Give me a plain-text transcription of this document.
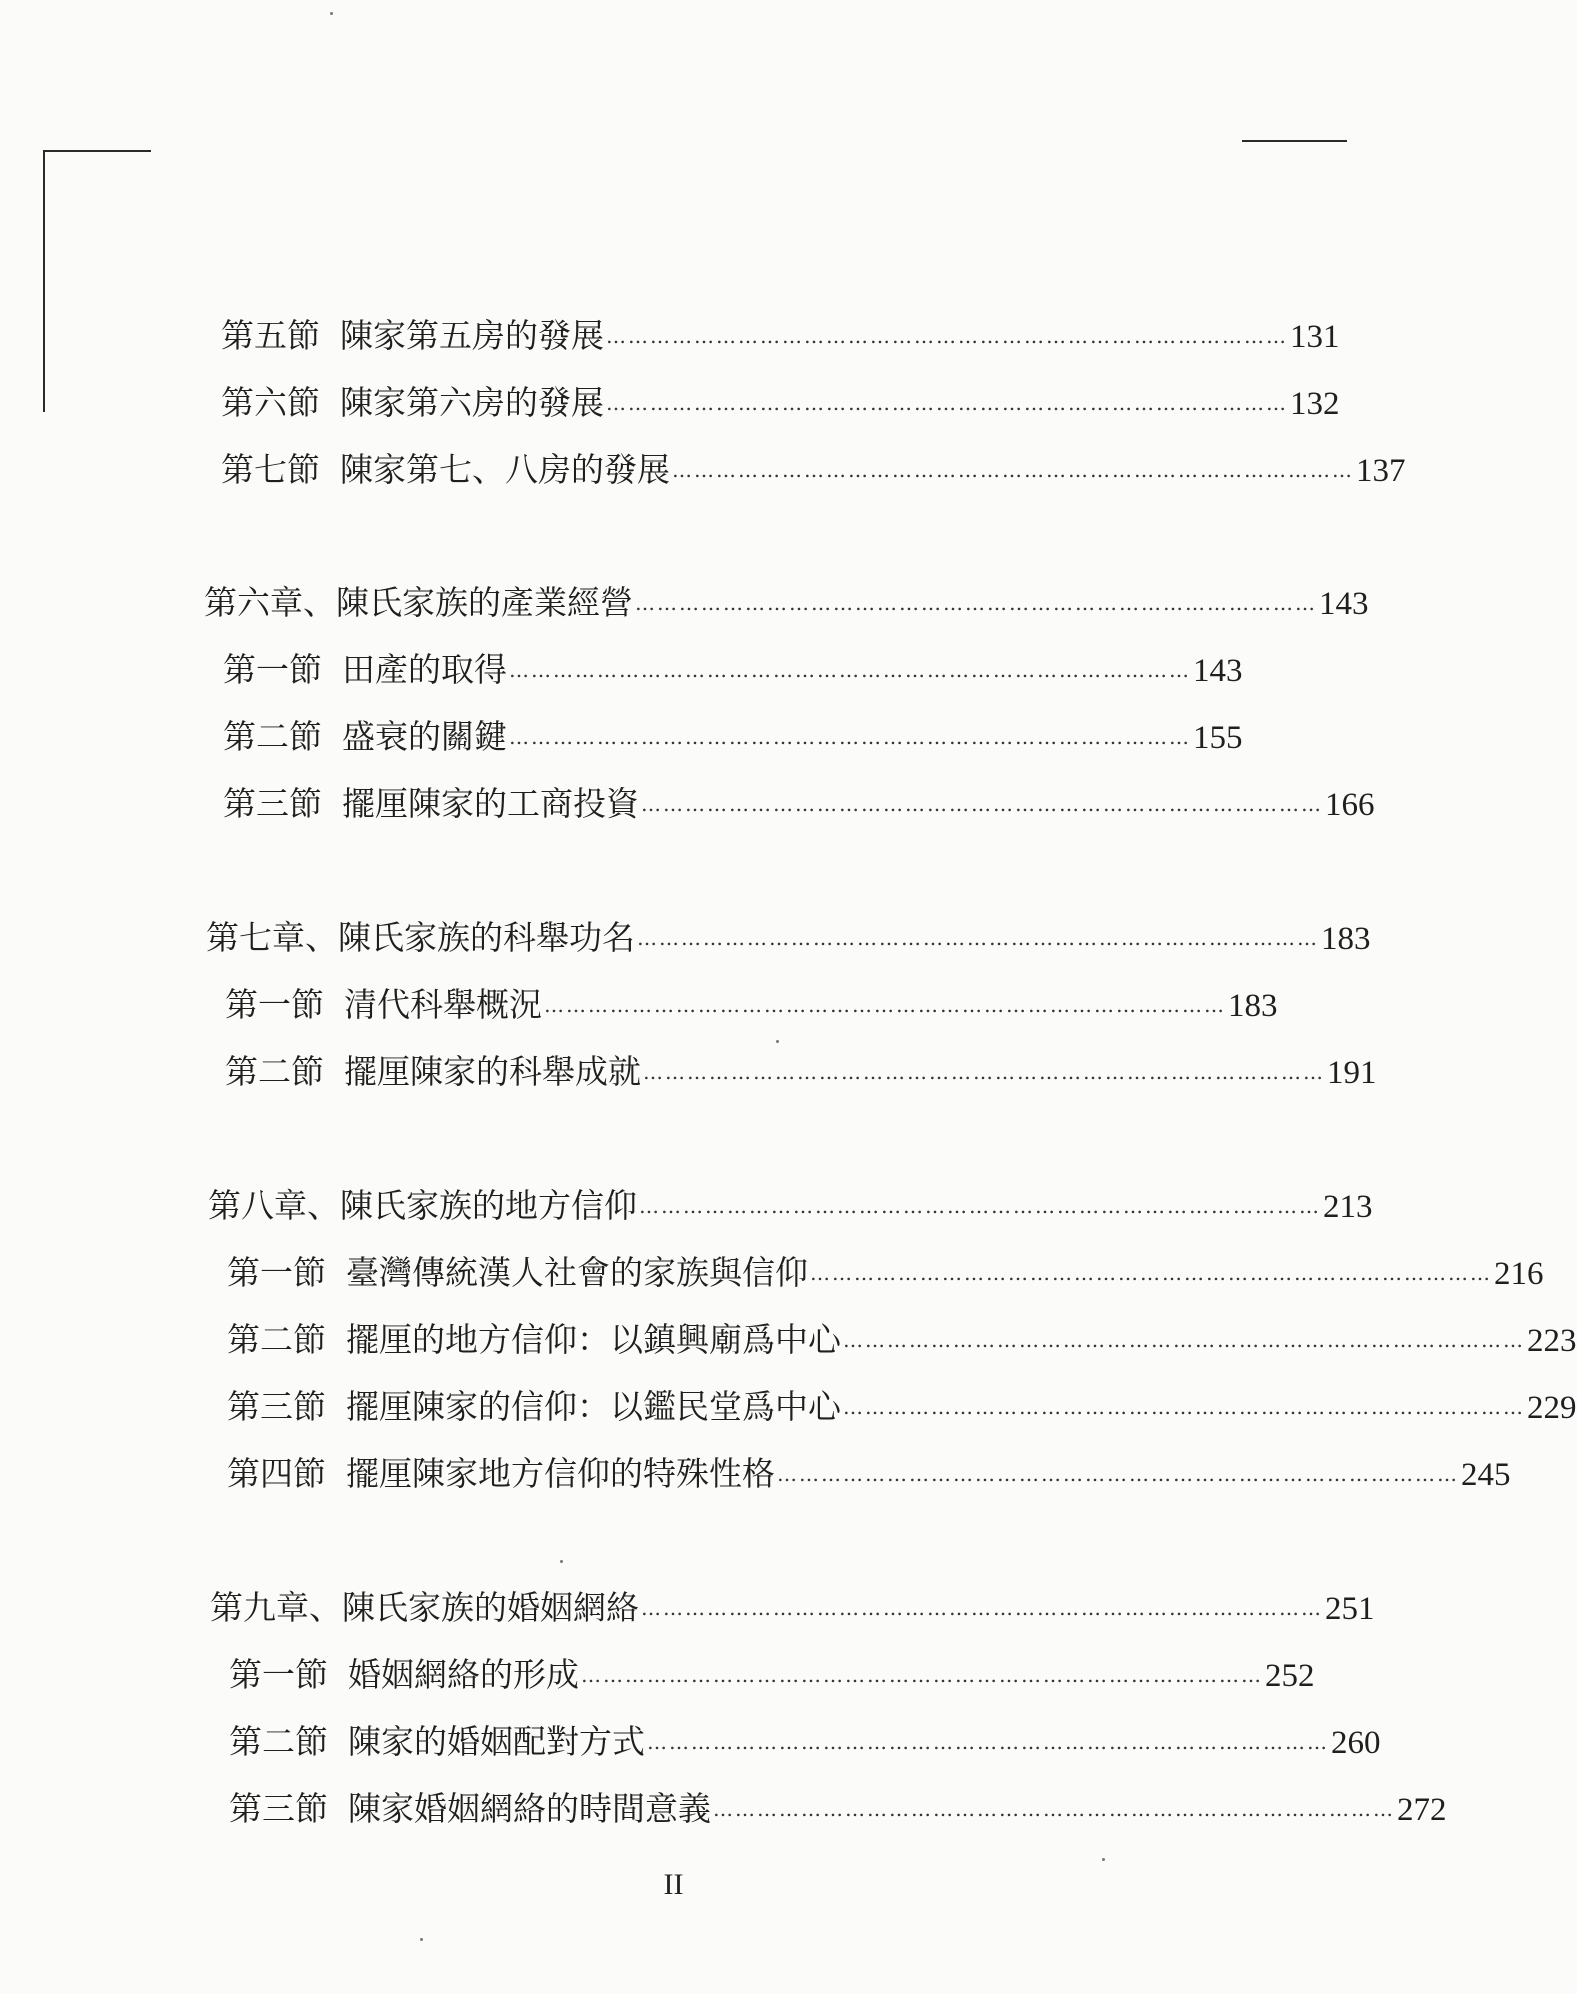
第五節 陳家第五房的發展 ………………………………………………………………………………… 131
第六節 陳家第六房的發展 ………………………………………………………………………………… 132
第七節 陳家第七、八房的發展 ………………………………………………………………………………… 137
第六章、陳氏家族的產業經營 ………………………………………………………………………………… 143
第一節 田產的取得 ………………………………………………………………………………… 143
第二節 盛衰的關鍵 ………………………………………………………………………………… 155
第三節 擺厘陳家的工商投資 ………………………………………………………………………………… 166
第七章、陳氏家族的科舉功名 ………………………………………………………………………………… 183
第一節 清代科舉概況 ………………………………………………………………………………… 183
第二節 擺厘陳家的科舉成就 ………………………………………………………………………………… 191
第八章、陳氏家族的地方信仰 ………………………………………………………………………………… 213
第一節 臺灣傳統漢人社會的家族與信仰 ………………………………………………………………………………… 216
第二節 擺厘的地方信仰：以鎮興廟爲中心 ………………………………………………………………………………… 223
第三節 擺厘陳家的信仰：以鑑民堂爲中心 ………………………………………………………………………………… 229
第四節 擺厘陳家地方信仰的特殊性格 ………………………………………………………………………………… 245
第九章、陳氏家族的婚姻網絡 ………………………………………………………………………………… 251
第一節 婚姻網絡的形成 ………………………………………………………………………………… 252
第二節 陳家的婚姻配對方式 ………………………………………………………………………………… 260
第三節 陳家婚姻網絡的時間意義 ………………………………………………………………………………… 272
II
